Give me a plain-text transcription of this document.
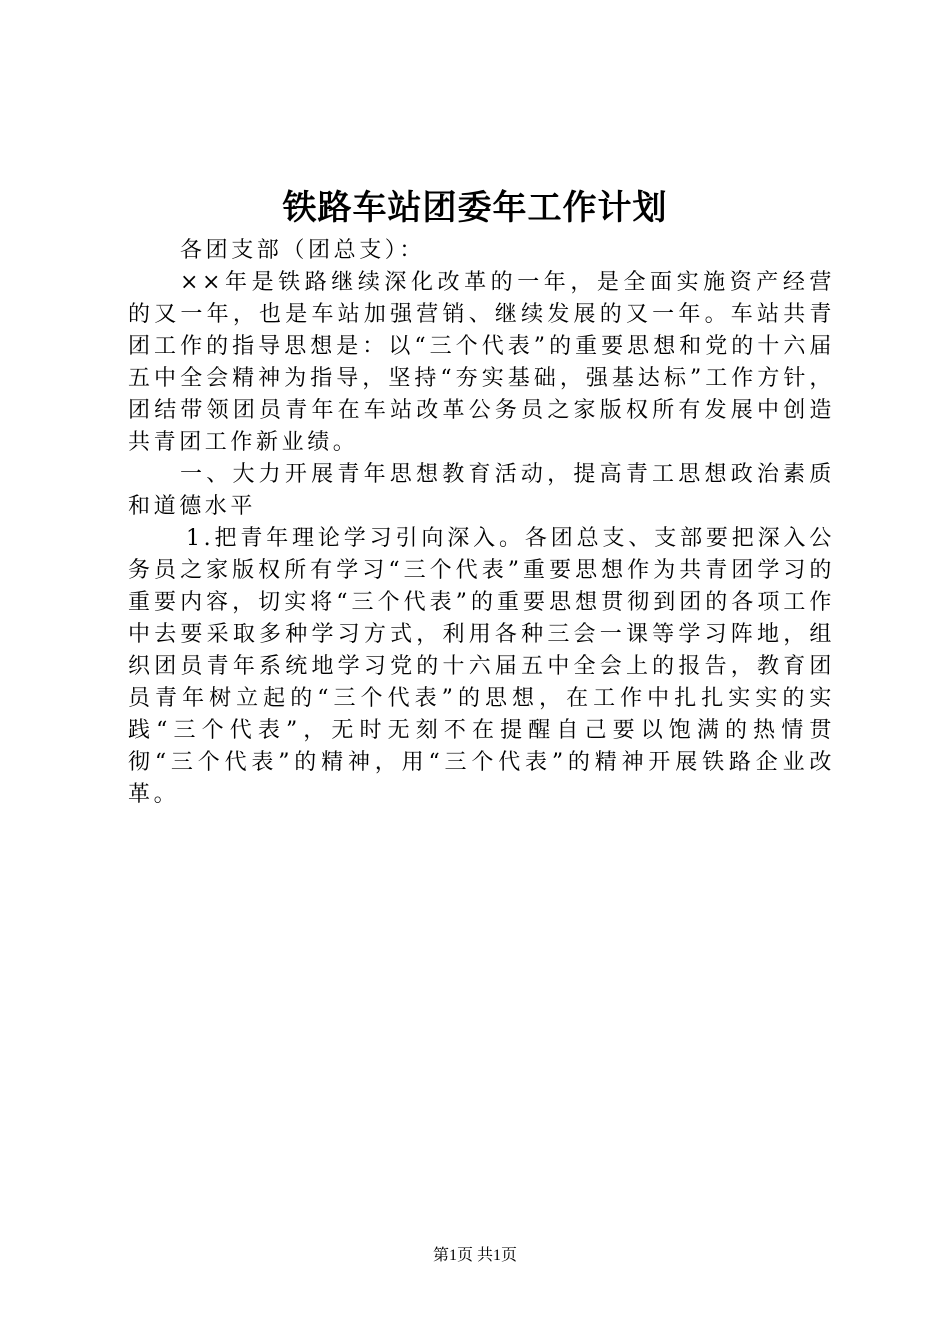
铁路车站团委年工作计划

各团支部（团总支）：

××年是铁路继续深化改革的一年，是全面实施资产经营的又一年，也是车站加强营销、继续发展的又一年。车站共青团工作的指导思想是：以“三个代表”的重要思想和党的十六届五中全会精神为指导，坚持“夯实基础，强基达标”工作方针，团结带领团员青年在车站改革公务员之家版权所有发展中创造共青团工作新业绩。

一、大力开展青年思想教育活动，提高青工思想政治素质和道德水平

1.把青年理论学习引向深入。各团总支、支部要把深入公务员之家版权所有学习“三个代表”重要思想作为共青团学习的重要内容，切实将“三个代表”的重要思想贯彻到团的各项工作中去要采取多种学习方式，利用各种三会一课等学习阵地，组织团员青年系统地学习党的十六届五中全会上的报告，教育团员青年树立起的“三个代表”的思想，在工作中扎扎实实的实践“三个代表”，无时无刻不在提醒自己要以饱满的热情贯彻“三个代表”的精神，用“三个代表”的精神开展铁路企业改革。

第1页 共1页
